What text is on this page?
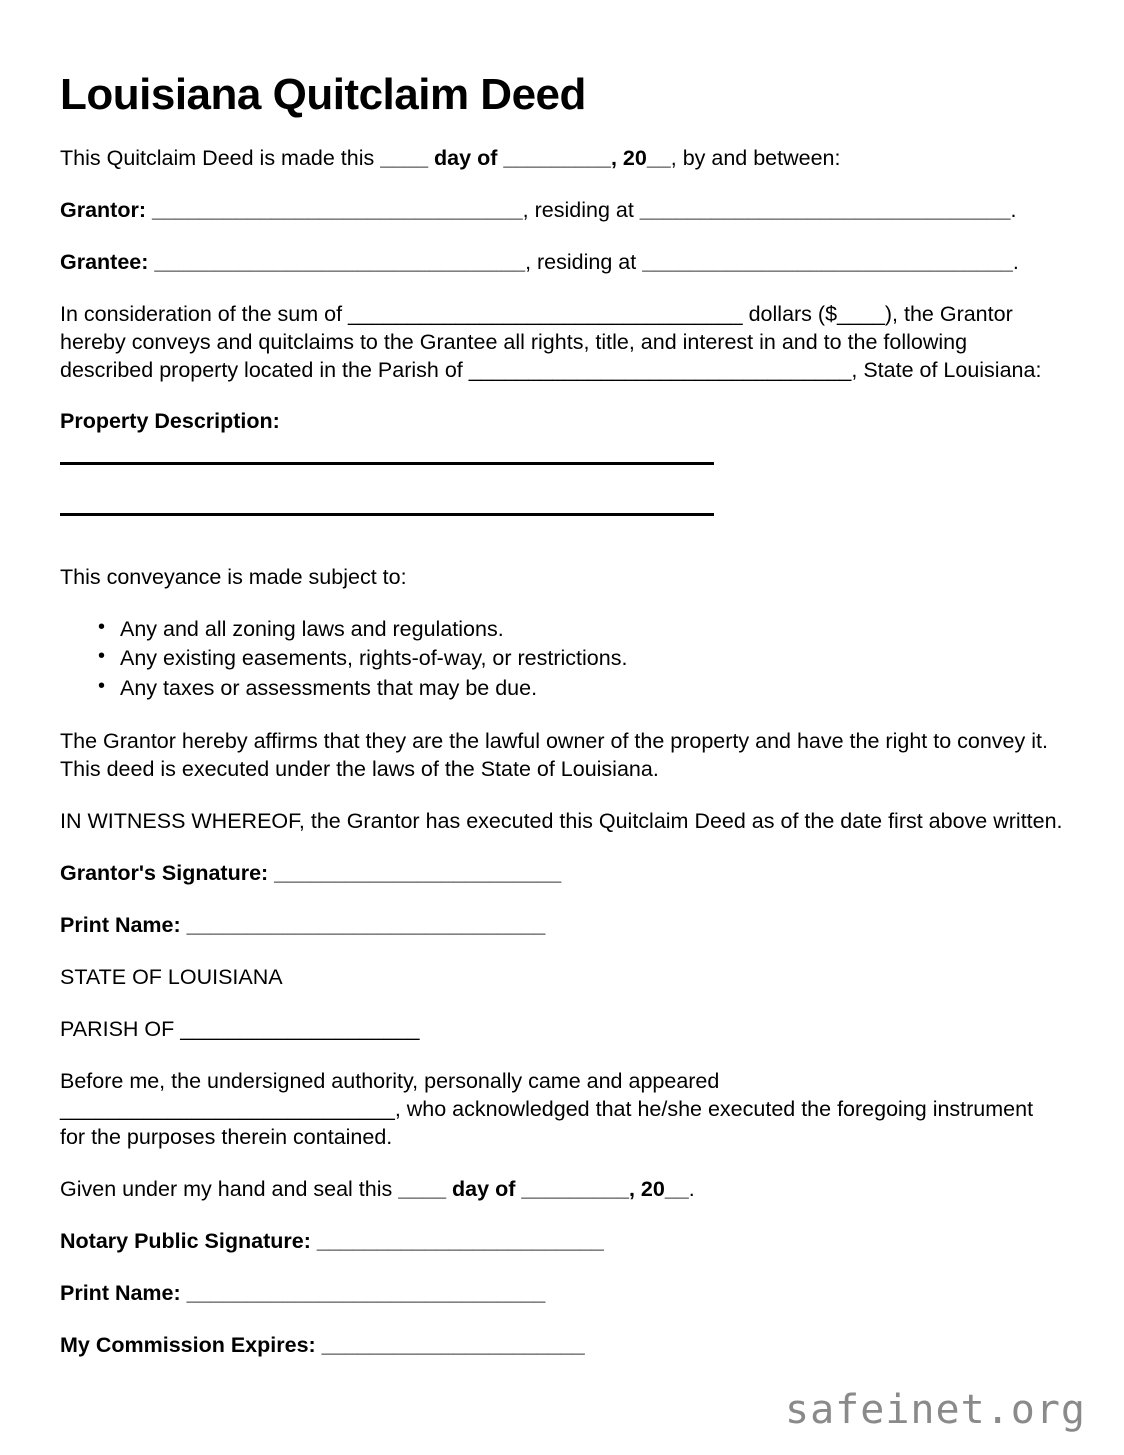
Louisiana Quitclaim Deed

This Quitclaim Deed is made this ____ day of _________, 20__, by and between:

Grantor: _______________________________, residing at _______________________________.

Grantee: _______________________________, residing at _______________________________.

In consideration of the sum of _________________________________ dollars ($____), the Grantor hereby conveys and quitclaims to the Grantee all rights, title, and interest in and to the following described property located in the Parish of ________________________________, State of Louisiana:

Property Description:

This conveyance is made subject to:

• Any and all zoning laws and regulations.
• Any existing easements, rights-of-way, or restrictions.
• Any taxes or assessments that may be due.

The Grantor hereby affirms that they are the lawful owner of the property and have the right to convey it. This deed is executed under the laws of the State of Louisiana.

IN WITNESS WHEREOF, the Grantor has executed this Quitclaim Deed as of the date first above written.

Grantor's Signature: ________________________
Print Name: ______________________________
STATE OF LOUISIANA
PARISH OF ____________________

Before me, the undersigned authority, personally came and appeared ____________________________, who acknowledged that he/she executed the foregoing instrument for the purposes therein contained.

Given under my hand and seal this ____ day of _________, 20__.

Notary Public Signature: ________________________
Print Name: ______________________________
My Commission Expires: ______________________
safeinet.org
